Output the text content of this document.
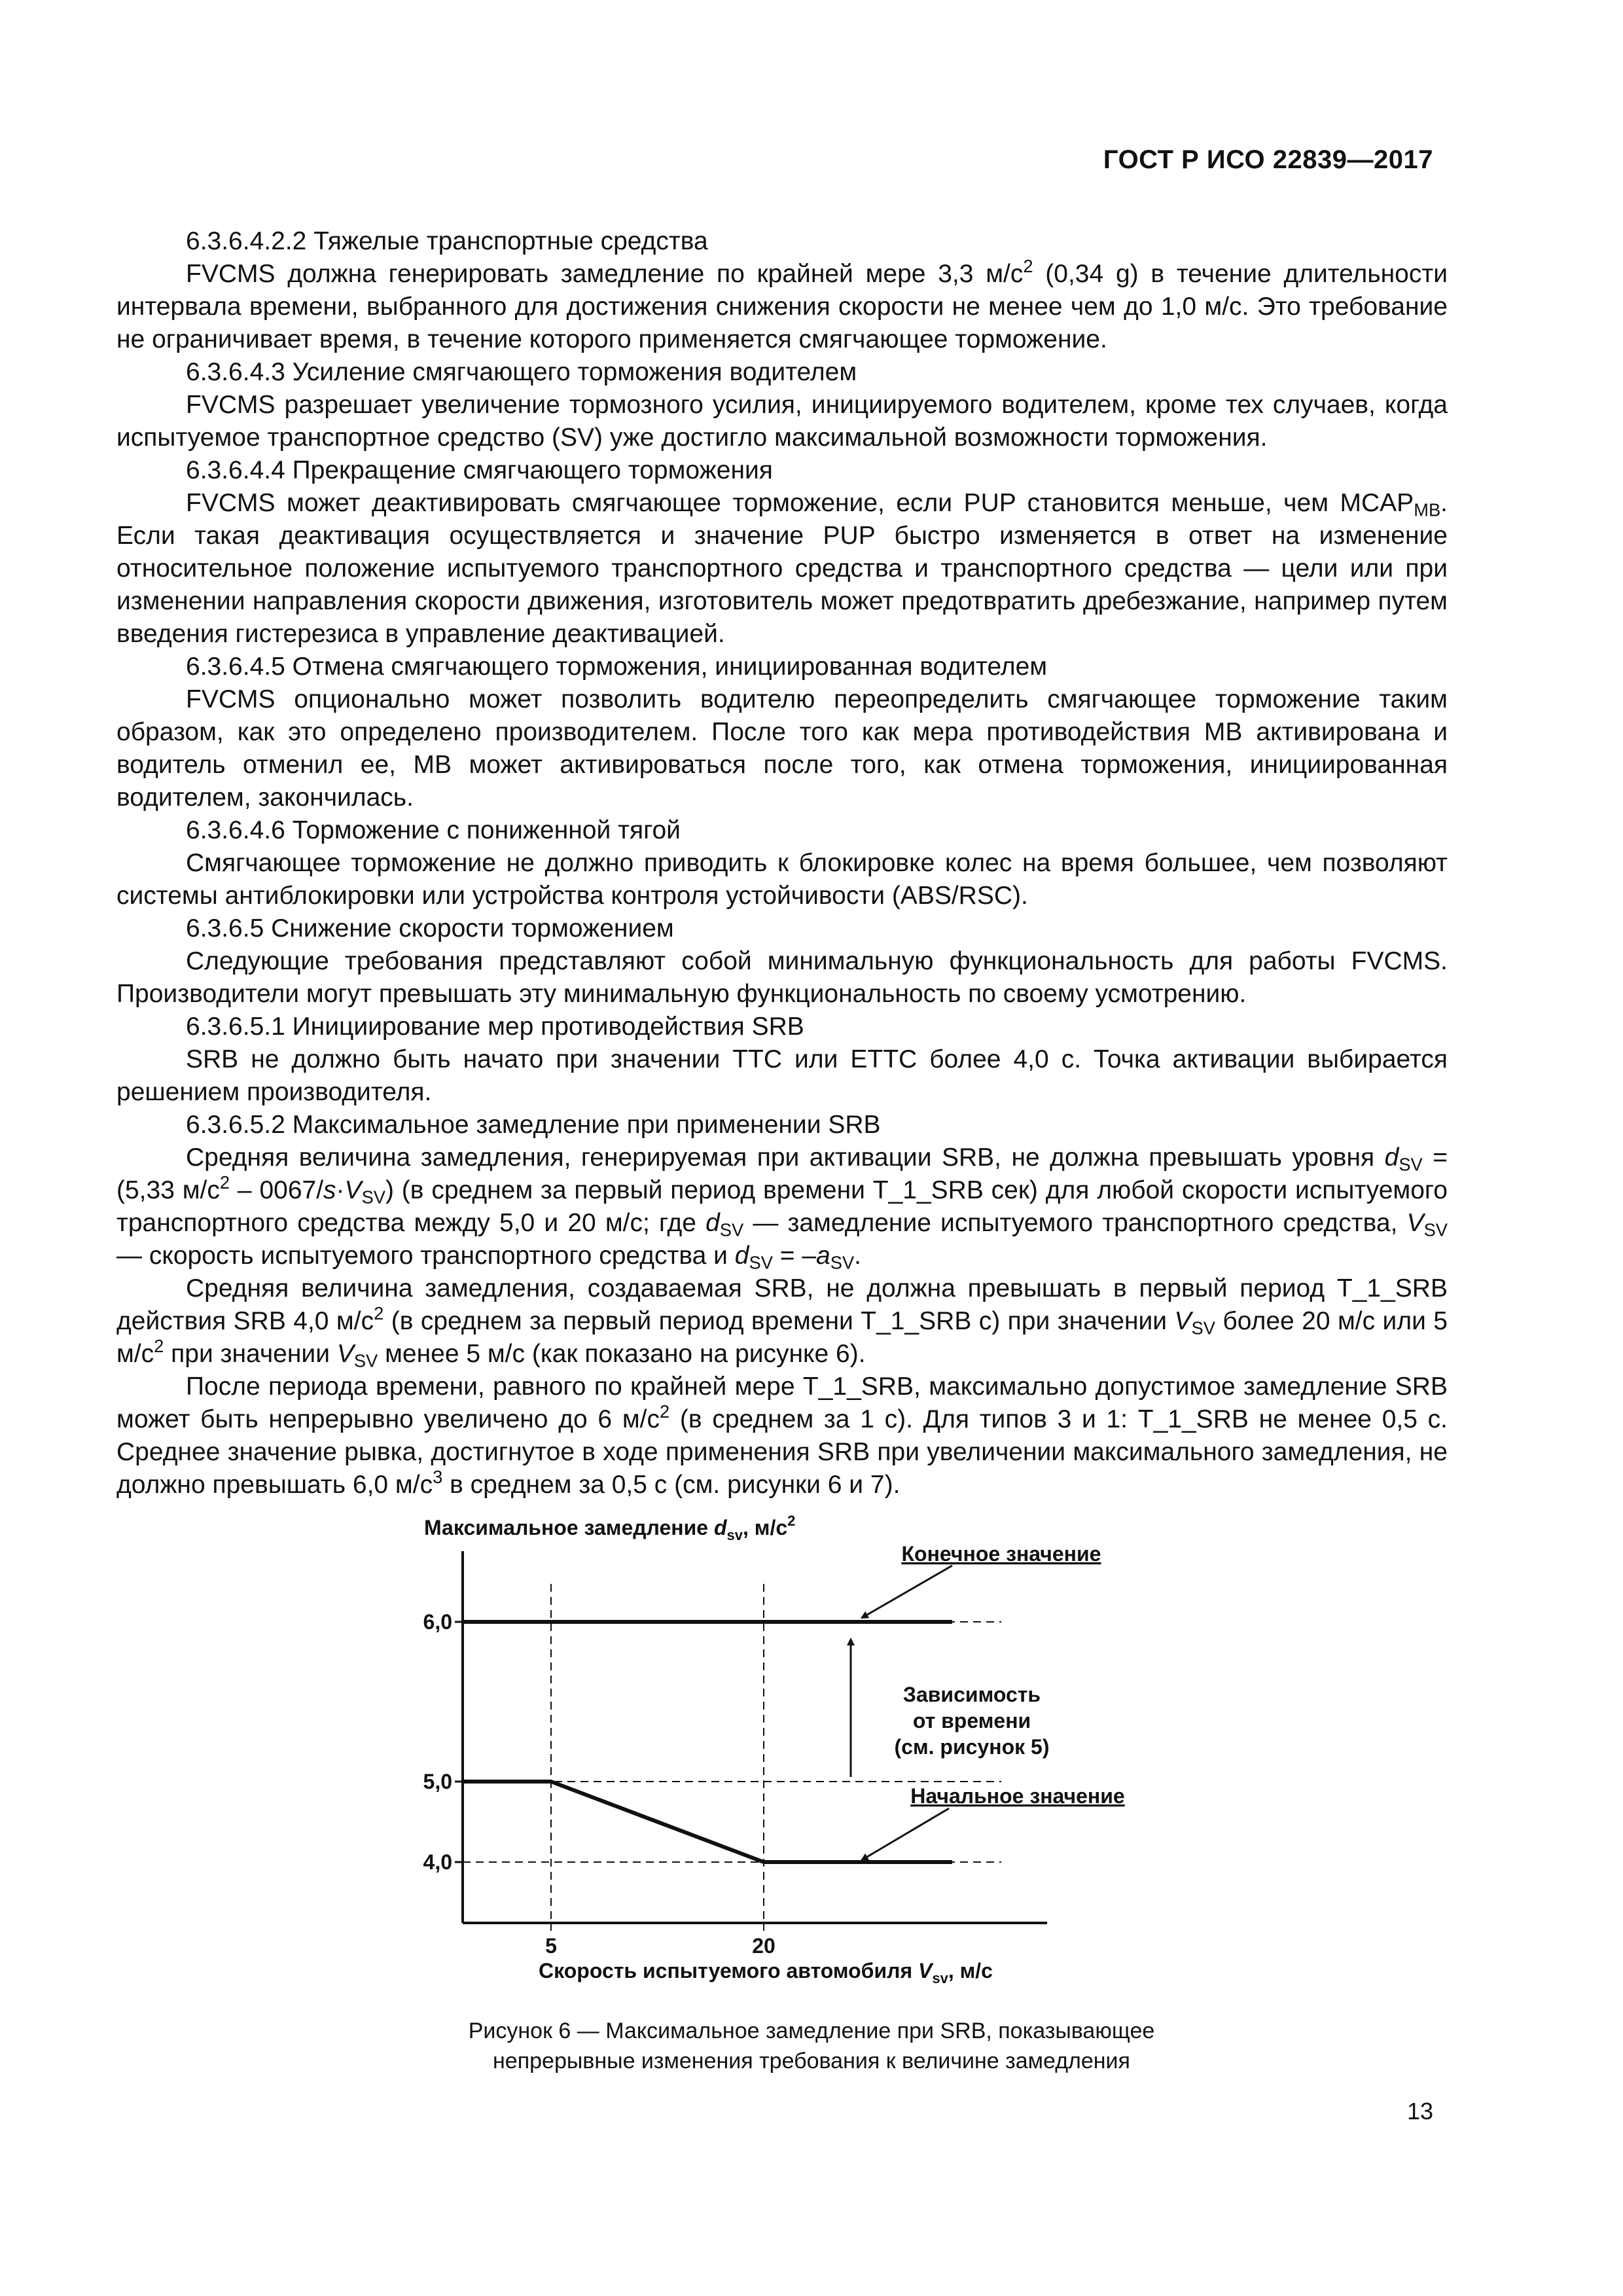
ГОСТ Р ИСО 22839—2017

6.3.6.4.2.2 Тяжелые транспортные средства

FVCMS должна генерировать замедление по крайней мере 3,3 $м/с^2$ (0,34 g) в течение длительности интервала времени, выбранного для достижения снижения скорости не менее чем до 1,0 м/с. Это требование не ограничивает время, в течение которого применяется смягчающее торможение.

6.3.6.4.3 Усиление смягчающего торможения водителем

FVCMS разрешает увеличение тормозного усилия, инициируемого водителем, кроме тех случаев, когда испытуемое транспортное средство (SV) уже достигло максимальной возможности торможения.

6.3.6.4.4 Прекращение смягчающего торможения

FVCMS может деактивировать смягчающее торможение, если PUP становится меньше, чем $MCAP_{MB}$. Если такая деактивация осуществляется и значение PUP быстро изменяется в ответ на изменение относительное положение испытуемого транспортного средства и транспортного средства — цели или при изменении направления скорости движения, изготовитель может предотвратить дребезжание, например путем введения гистерезиса в управление деактивацией.

6.3.6.4.5 Отмена смягчающего торможения, инициированная водителем

FVCMS опционально может позволить водителю переопределить смягчающее торможение таким образом, как это определено производителем. После того как мера противодействия MB активирована и водитель отменил ее, MB может активироваться после того, как отмена торможения, инициированная водителем, закончилась.

6.3.6.4.6 Торможение с пониженной тягой

Смягчающее торможение не должно приводить к блокировке колес на время большее, чем позволяют системы антиблокировки или устройства контроля устойчивости (ABS/RSC).

6.3.6.5 Снижение скорости торможением

Следующие требования представляют собой минимальную функциональность для работы FVCMS. Производители могут превышать эту минимальную функциональность по своему усмотрению.

6.3.6.5.1 Инициирование мер противодействия SRB

SRB не должно быть начато при значении TTC или ETTC более 4,0 с. Точка активации выбирается решением производителя.

6.3.6.5.2 Максимальное замедление при применении SRB

Средняя величина замедления, генерируемая при активации SRB, не должна превышать уровня $d_{SV} = (5,33$ $м/с^2 - 0067/s\cdot V_{SV}$) (в среднем за первый период времени T_1_SRB сек) для любой скорости испытуемого транспортного средства между 5,0 и 20 м/с; где $d_{SV}$ — замедление испытуемого транспортного средства, $V_{SV}$ — скорость испытуемого транспортного средства и $d_{SV} = -a_{SV}$.

Средняя величина замедления, создаваемая SRB, не должна превышать в первый период T_1_SRB действия SRB 4,0 $м/с^2$ (в среднем за первый период времени T_1_SRB с) при значении $V_{SV}$ более 20 м/с или 5 $м/с^2$ при значении $V_{SV}$ менее 5 м/с (как показано на рисунке 6).

После периода времени, равного по крайней мере T_1_SRB, максимально допустимое замедление SRB может быть непрерывно увеличено до 6 $м/с^2$ (в среднем за 1 с). Для типов 3 и 1: T_1_SRB не менее 0,5 с. Среднее значение рывка, достигнутое в ходе применения SRB при увеличении максимального замедления, не должно превышать 6,0 $м/с^3$ в среднем за 0,5 с (см. рисунки 6 и 7).

Максимальное замедление $d_{sv}$, $м/с^2$
Скорость испытуемого автомобиля $V_{sv}$, м/с
6,0
5,0
4,0
5	20
Конечное значение
Начальное значение
Зависимость
от времени
(см. рисунок 5)
Рисунок 6 — Максимальное замедление при SRB, показывающее
непрерывные изменения требования к величине замедления
13
